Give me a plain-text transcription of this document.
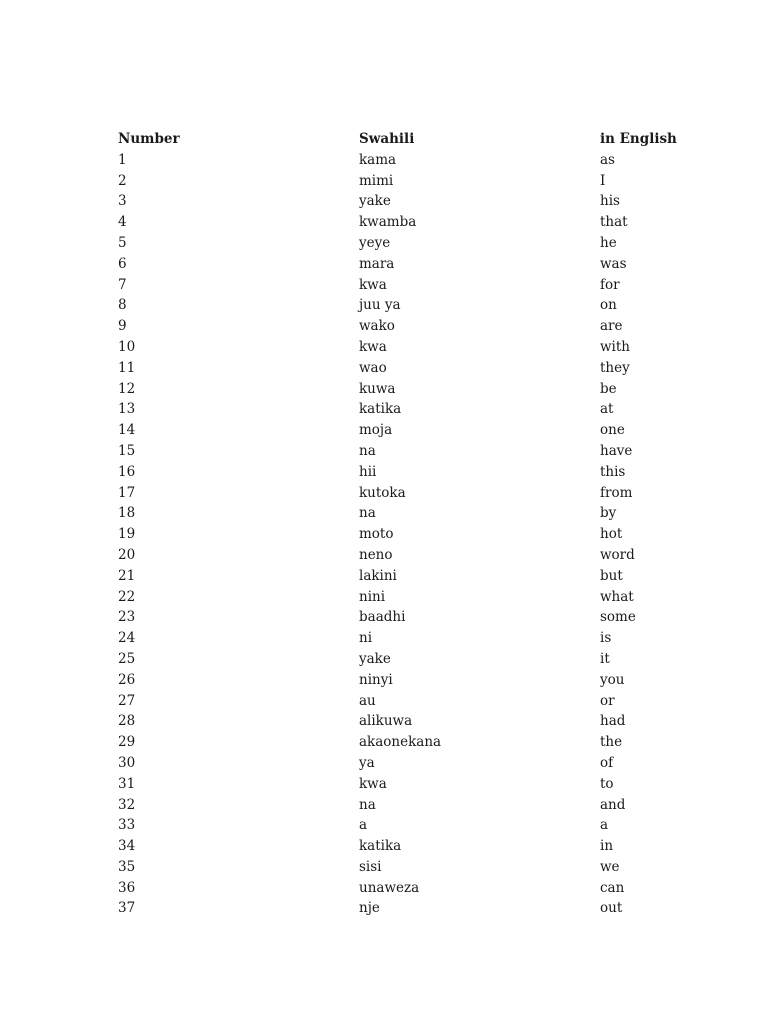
Number	Swahili	in English
1	kama	as
2	mimi	I
3	yake	his
4	kwamba	that
5	yeye	he
6	mara	was
7	kwa	for
8	juu ya	on
9	wako	are
10	kwa	with
11	wao	they
12	kuwa	be
13	katika	at
14	moja	one
15	na	have
16	hii	this
17	kutoka	from
18	na	by
19	moto	hot
20	neno	word
21	lakini	but
22	nini	what
23	baadhi	some
24	ni	is
25	yake	it
26	ninyi	you
27	au	or
28	alikuwa	had
29	akaonekana	the
30	ya	of
31	kwa	to
32	na	and
33	a	a
34	katika	in
35	sisi	we
36	unaweza	can
37	nje	out
